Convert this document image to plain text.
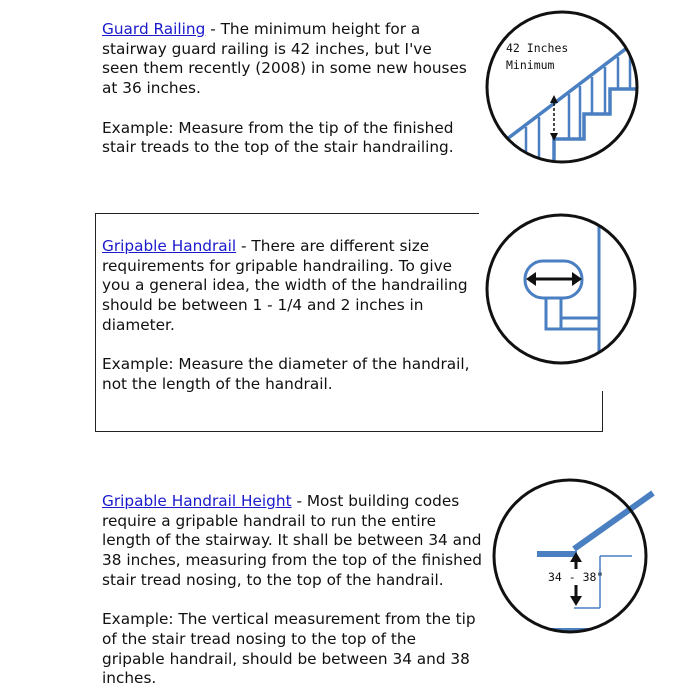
Guard Railing - The minimum height for a stairway guard railing is 42 inches, but I've seen them recently (2008) in some new houses at 36 inches.

Example: Measure from the tip of the finished stair treads to the top of the stair handrailing.

42 Inches
Minimum

Gripable Handrail - There are different size requirements for gripable handrailing. To give you a general idea, the width of the handrailing should be between 1 - 1/4 and 2 inches in diameter.

Example: Measure the diameter of the handrail, not the length of the handrail.

Gripable Handrail Height - Most building codes require a gripable handrail to run the entire length of the stairway. It shall be between 34 and 38 inches, measuring from the top of the finished stair tread nosing, to the top of the handrail.

Example: The vertical measurement from the tip of the stair tread nosing to the top of the gripable handrail, should be between 34 and 38 inches.

34 - 38"
